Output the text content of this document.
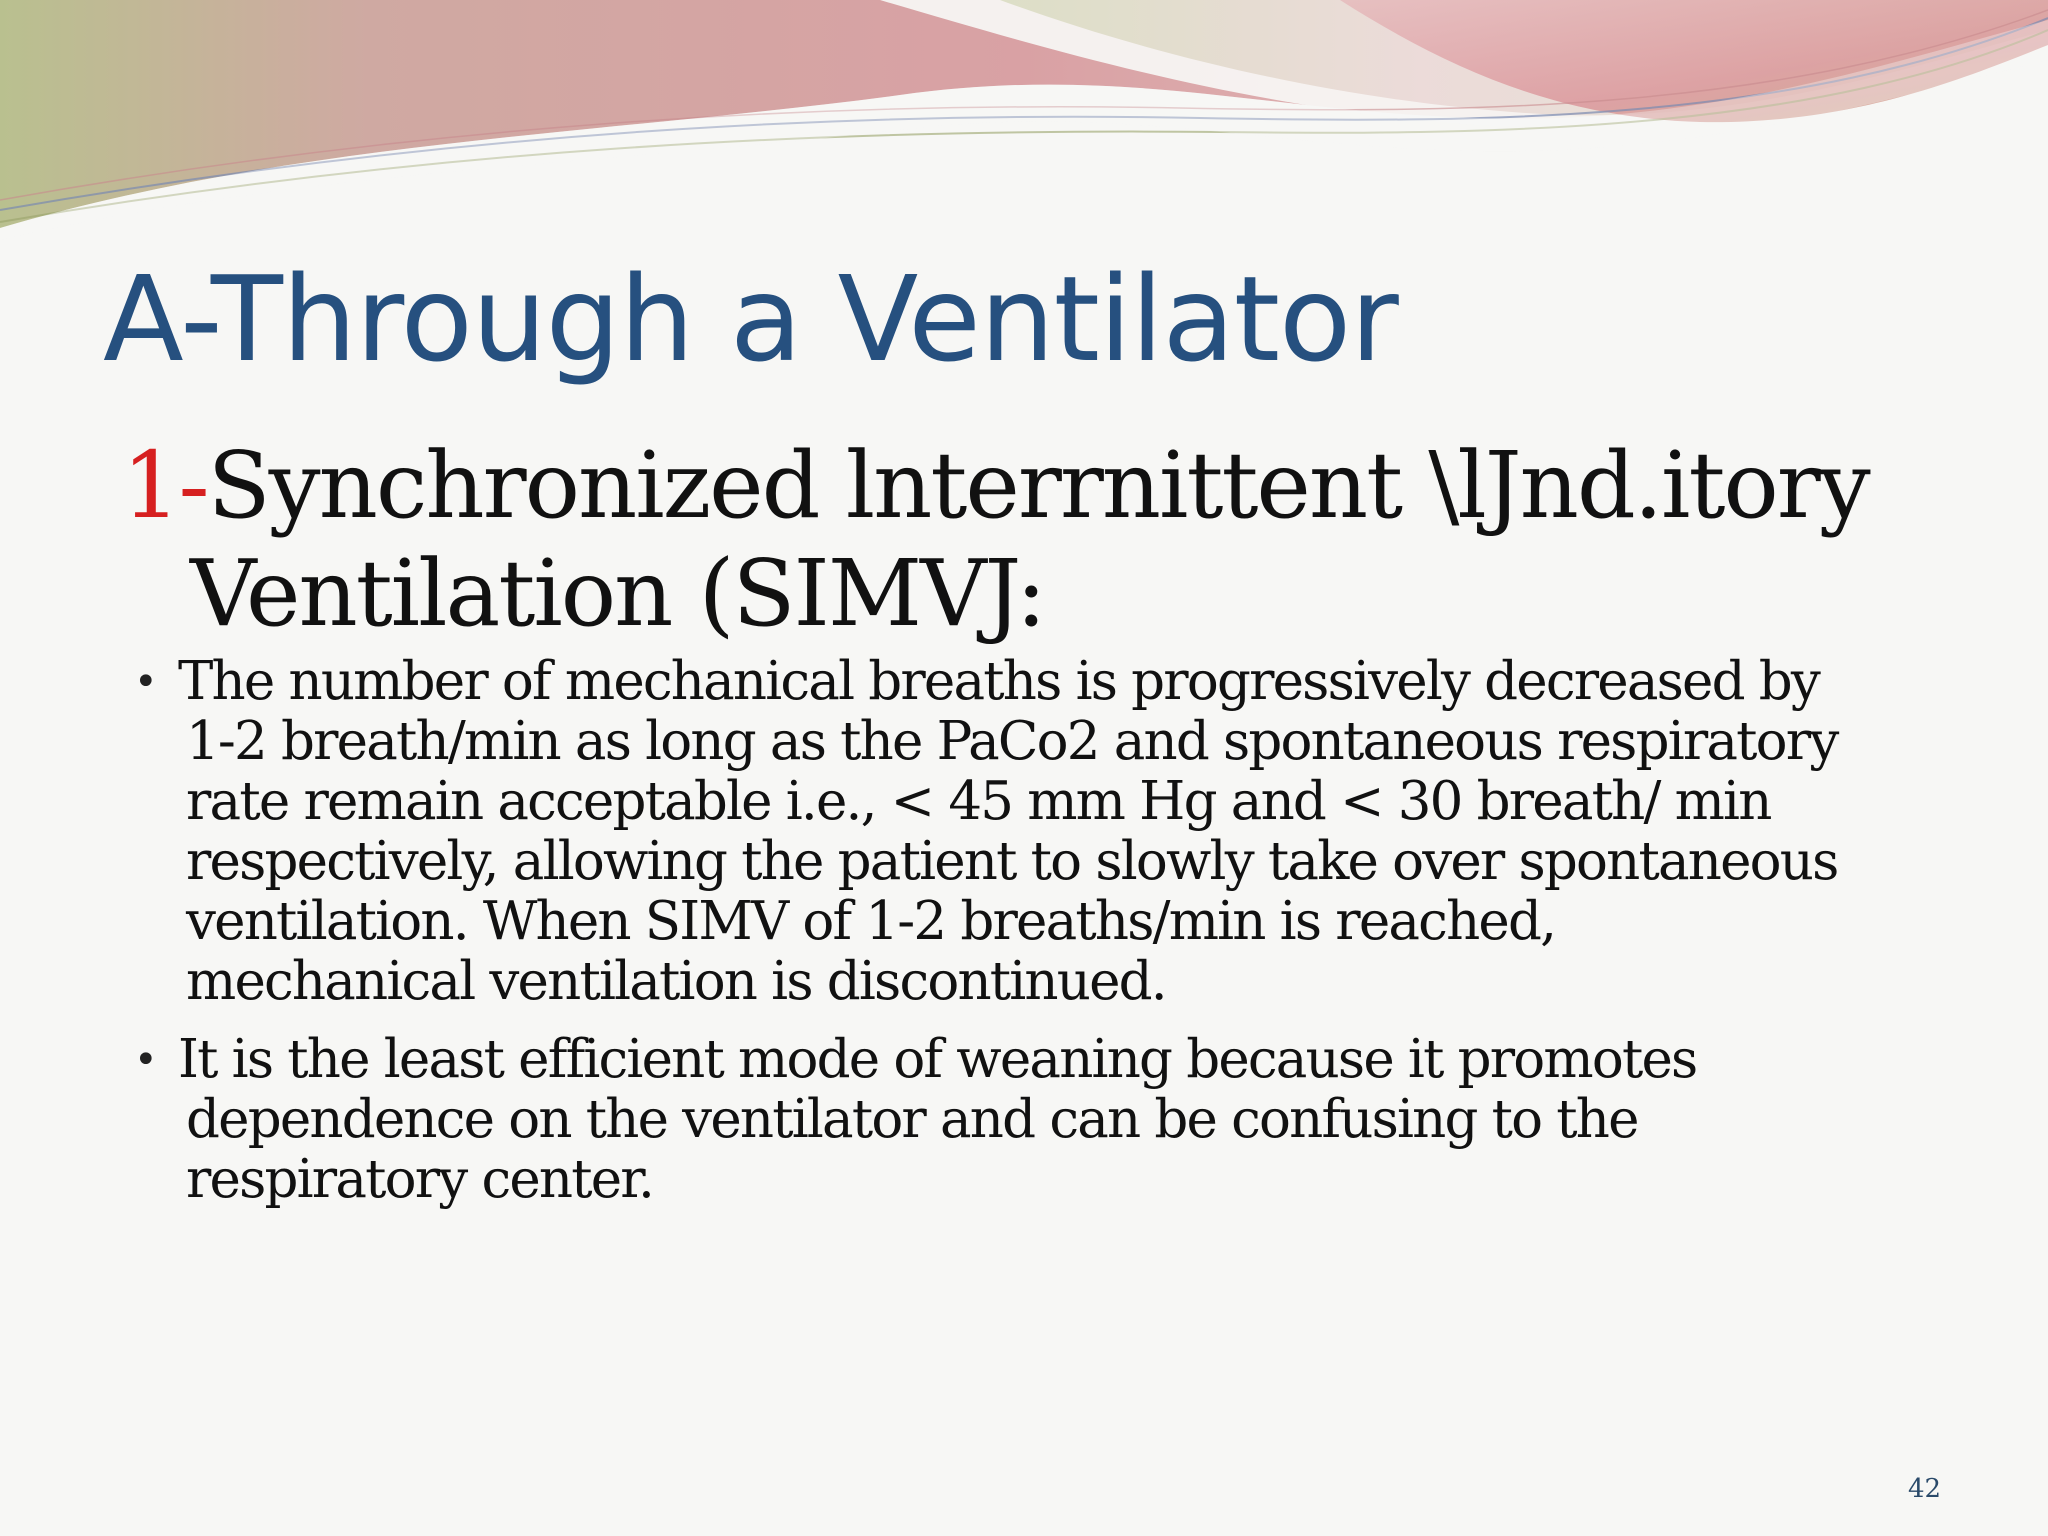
A-Through a Ventilator
1-Synchronized lnterrnittent \lJnd.itory
Ventilation (SIMVJ:
• The number of mechanical breaths is progressively decreased by
1-2 breath/min as long as the PaCo2 and spontaneous respiratory
rate remain acceptable i.e., < 45 mm Hg and < 30 breath/ min
respectively, allowing the patient to slowly take over spontaneous
ventilation. When SIMV of 1-2 breaths/min is reached,
mechanical ventilation is discontinued.
• It is the least efficient mode of weaning because it promotes
dependence on the ventilator and can be confusing to the
respiratory center.
42
